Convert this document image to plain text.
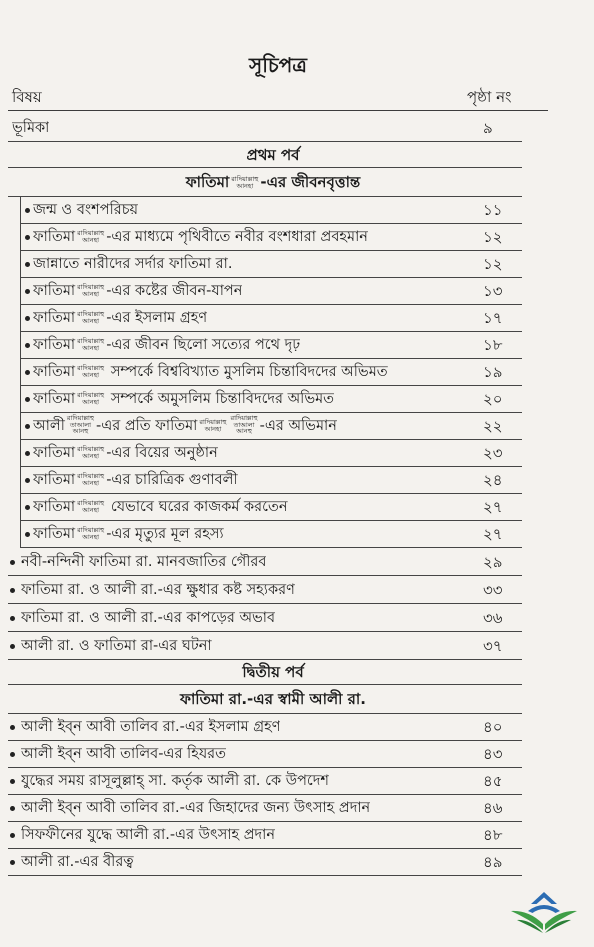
সূচিপত্র
বিষয়	পৃষ্ঠা নং
ভূমিকা	৯
প্রথম পর্ব
ফাতিমা রাদিয়াল্লাহু
আনহা -এর জীবনবৃত্তান্ত
জন্ম ও বংশপরিচয়	১১
ফাতিমা রাদিয়াল্লাহু
আনহা -এর মাধ্যমে পৃথিবীতে নবীর বংশধারা প্রবহমান	১২
জান্নাতে নারীদের সর্দার ফাতিমা রা.	১২
ফাতিমা রাদিয়াল্লাহু
আনহা -এর কষ্টের জীবন-যাপন	১৩
ফাতিমা রাদিয়াল্লাহু
আনহা -এর ইসলাম গ্রহণ	১৭
ফাতিমা রাদিয়াল্লাহু
আনহা -এর জীবন ছিলো সত্যের পথে দৃঢ়	১৮
ফাতিমা রাদিয়াল্লাহু
আনহা সম্পর্কে বিশ্ববিখ্যাত মুসলিম চিন্তাবিদদের অভিমত	১৯
ফাতিমা রাদিয়াল্লাহু
আনহা সম্পর্কে অমুসলিম চিন্তাবিদদের অভিমত	২০
আলী রাদিয়াল্লাহু
তাআলা
আনহু -এর প্রতি ফাতিমা রাদিয়াল্লাহু
আনহা
রাদিয়াল্লাহু
তাআলা
আনহু -এর অভিমান	২২
ফাতিমা রাদিয়াল্লাহু
আনহা -এর বিয়ের অনুষ্ঠান	২৩
ফাতিমা রাদিয়াল্লাহু
আনহা -এর চারিত্রিক গুণাবলী	২৪
ফাতিমা রাদিয়াল্লাহু
আনহা যেভাবে ঘরের কাজকর্ম করতেন	২৭
ফাতিমা রাদিয়াল্লাহু
আনহা -এর মৃত্যুর মূল রহস্য	২৭
নবী-নন্দিনী ফাতিমা রা. মানবজাতির গৌরব	২৯
ফাতিমা রা. ও আলী রা.-এর ক্ষুধার কষ্ট সহ্যকরণ	৩৩
ফাতিমা রা. ও আলী রা.-এর কাপড়ের অভাব	৩৬
আলী রা. ও ফাতিমা রা-এর ঘটনা	৩৭
দ্বিতীয় পর্ব
ফাতিমা রা.-এর স্বামী আলী রা.
আলী ইব্‌ন আবী তালিব রা.-এর ইসলাম গ্রহণ	৪০
আলী ইব্‌ন আবী তালিব-এর হিযরত	৪৩
যুদ্ধের সময় রাসূলুল্লাহ্ সা. কর্তৃক আলী রা. কে উপদেশ	৪৫
আলী ইব্‌ন আবী তালিব রা.-এর জিহাদের জন্য উৎসাহ প্রদান	৪৬
সিফফীনের যুদ্ধে আলী রা.-এর উৎসাহ প্রদান	৪৮
আলী রা.-এর বীরত্ব	৪৯
